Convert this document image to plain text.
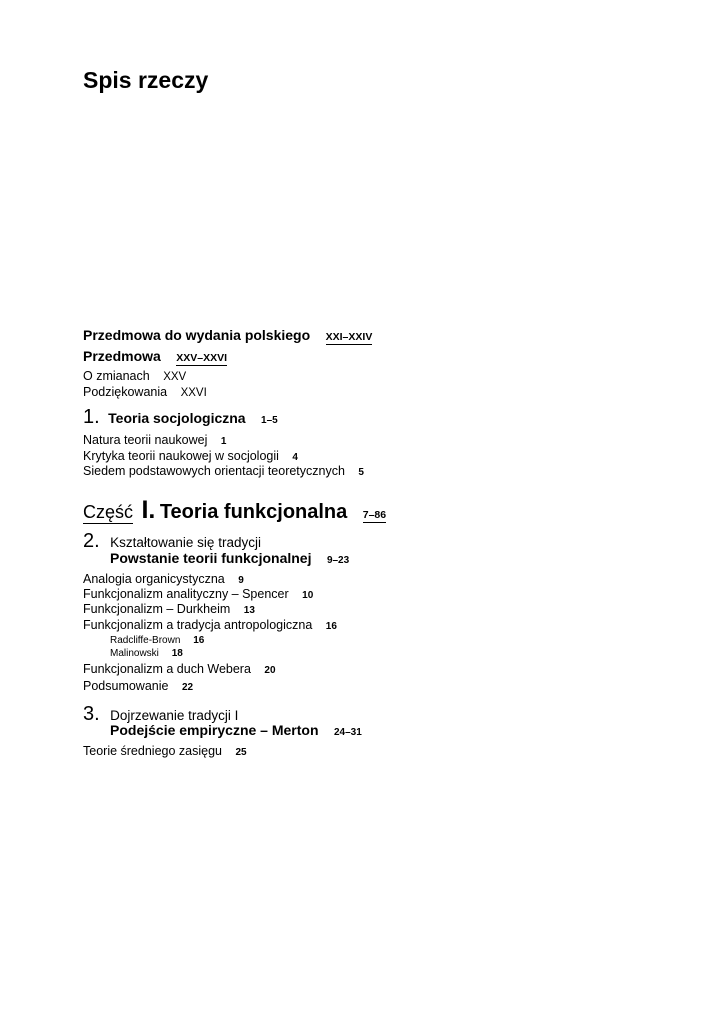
Spis rzeczy
Przedmowa do wydania polskiego XXI–XXIV
Przedmowa XXV–XXVI
O zmianach XXV
Podziękowania XXVI
1. Teoria socjologiczna 1–5
Natura teorii naukowej 1
Krytyka teorii naukowej w socjologii 4
Siedem podstawowych orientacji teoretycznych 5
Część I. Teoria funkcjonalna 7–86
2. Kształtowanie się tradycji
Powstanie teorii funkcjonalnej 9–23
Analogia organicystyczna 9
Funkcjonalizm analityczny – Spencer 10
Funkcjonalizm – Durkheim 13
Funkcjonalizm a tradycja antropologiczna 16
Radcliffe-Brown 16
Malinowski 18
Funkcjonalizm a duch Webera 20
Podsumowanie 22
3. Dojrzewanie tradycji I
Podejście empiryczne – Merton 24–31
Teorie średniego zasięgu 25
